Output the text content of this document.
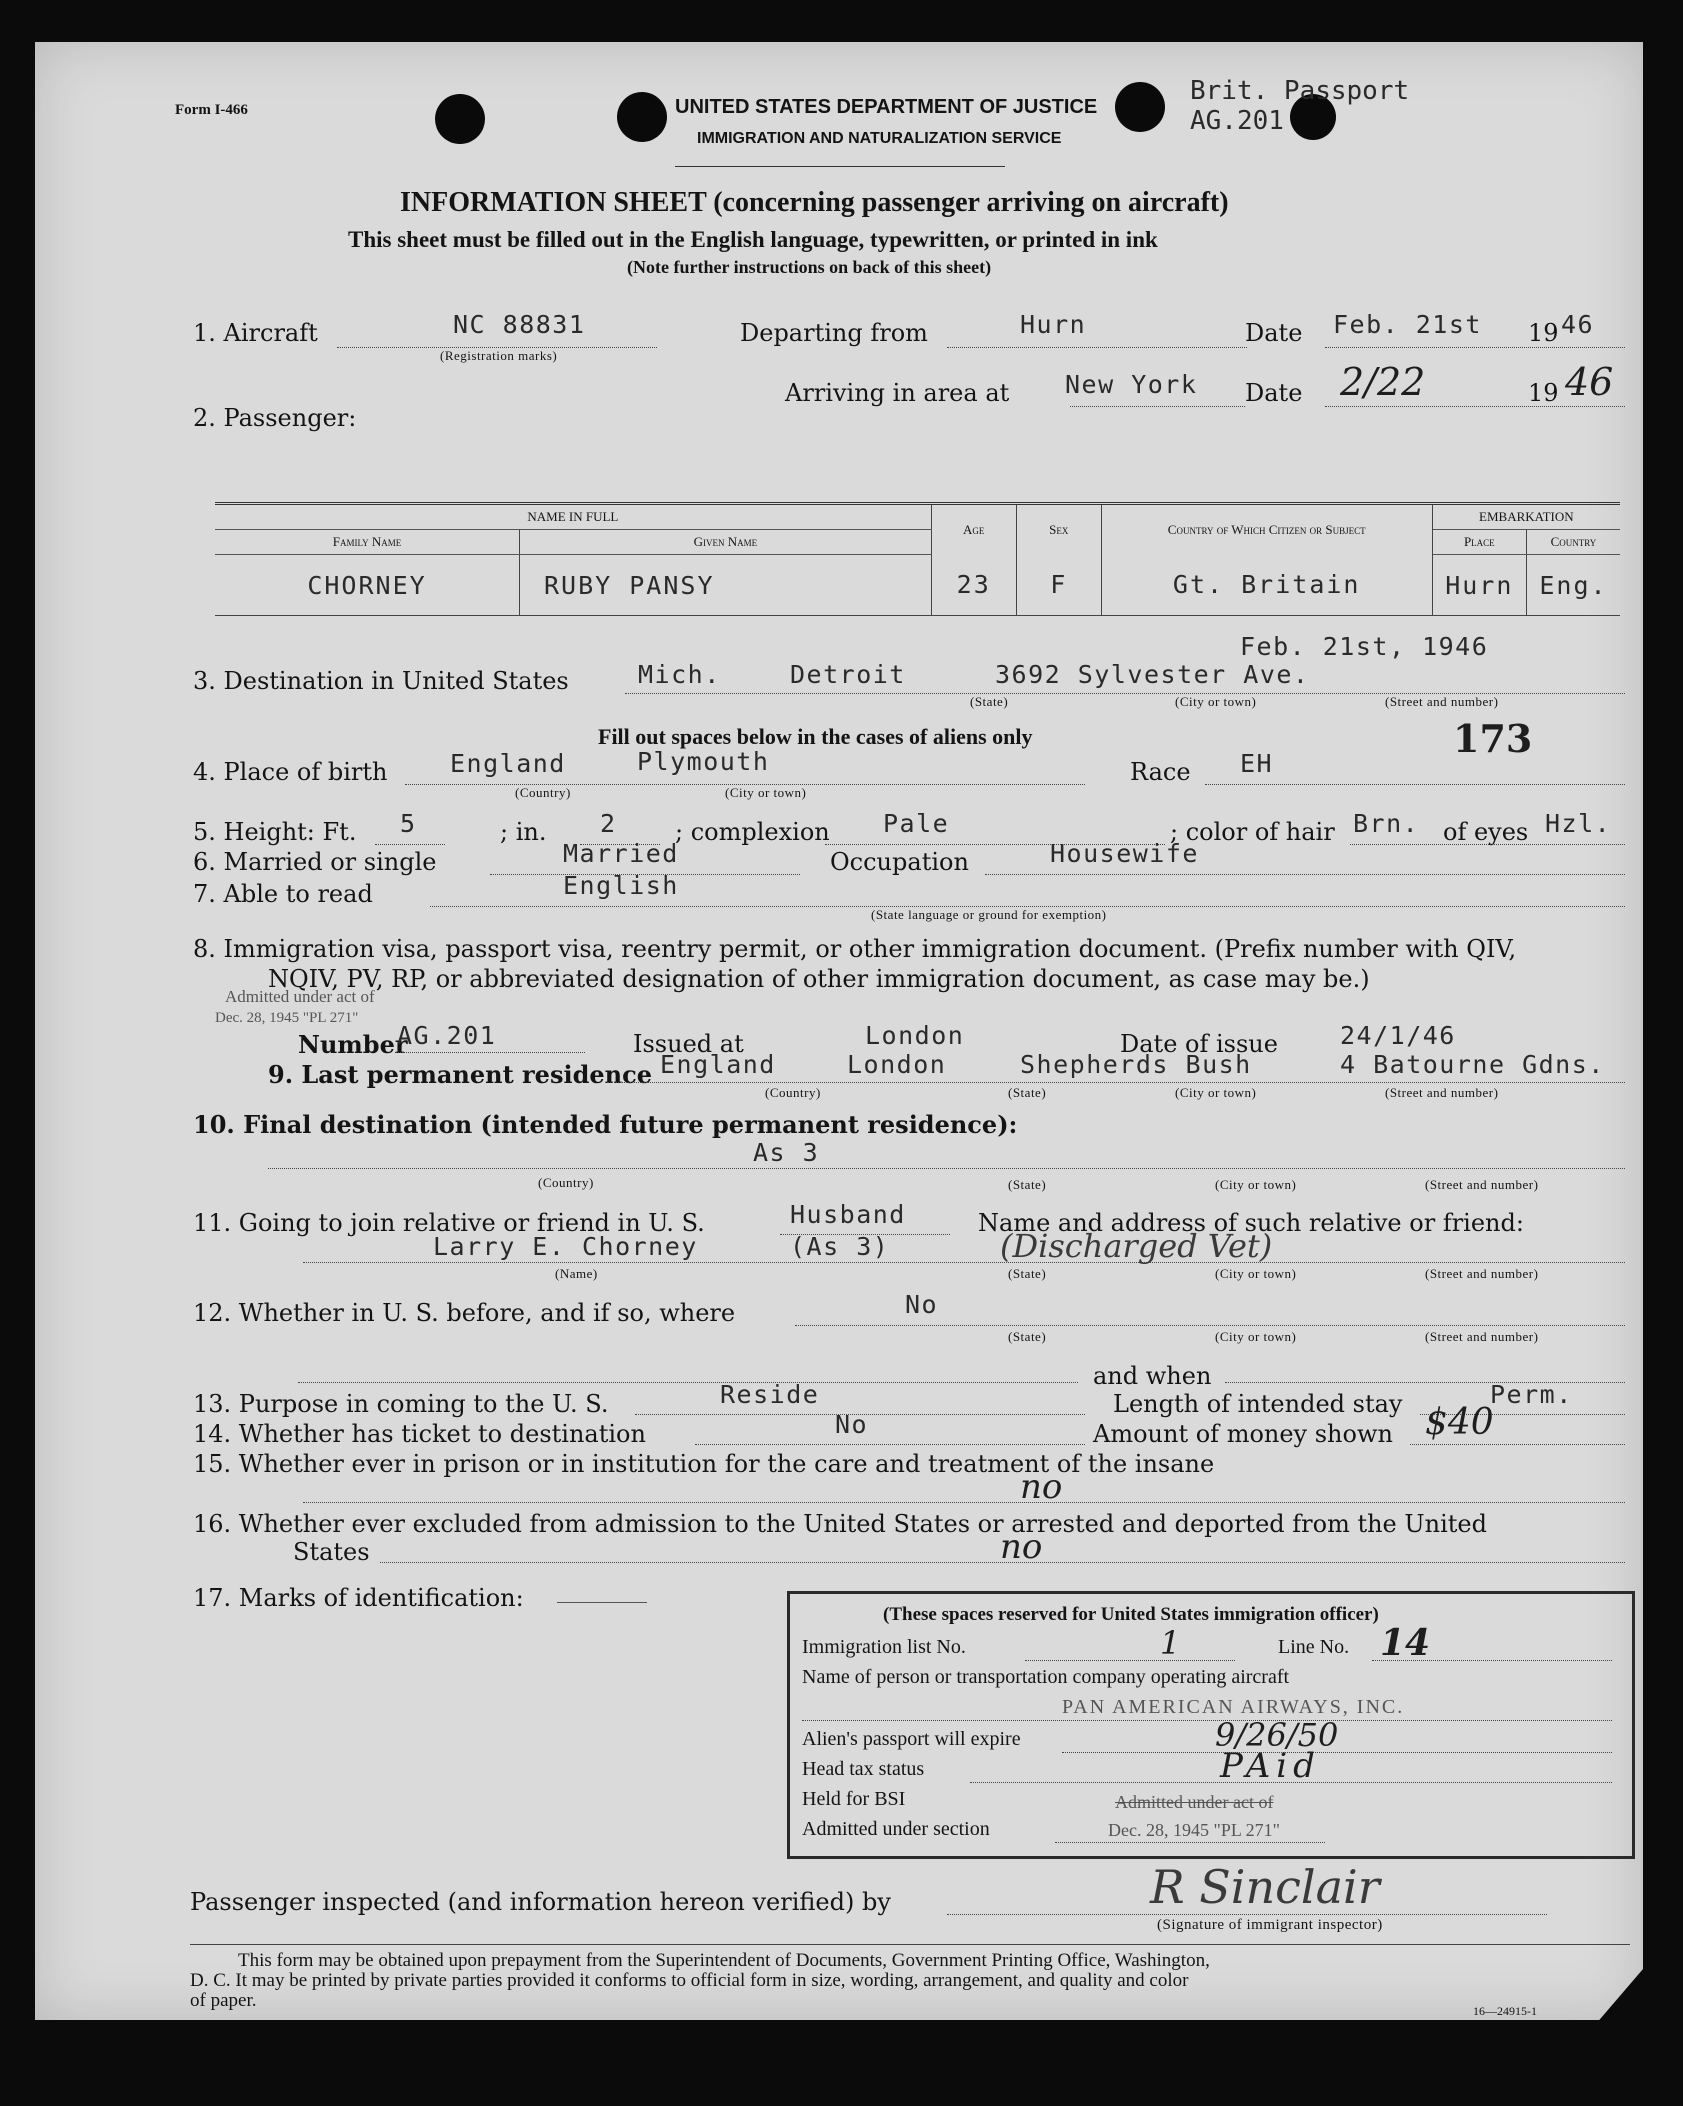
Form I-466	UNITED STATES DEPARTMENT OF JUSTICE
IMMIGRATION AND NATURALIZATION SERVICE
Brit. Passport
AG.201
INFORMATION SHEET (concerning passenger arriving on aircraft)
This sheet must be filled out in the English language, typewritten, or printed in ink
(Note further instructions on back of this sheet)
1. Aircraft	NC 88831
(Registration marks)
Departing from	Hurn	Date Feb. 21st 19 46
Arriving in area at New York Date 2/22	19 46
2. Passenger:
NAME IN FULL		Age	Sex	Country of Which Citizen or Subject	EMBARKATION	
Family Name	Given Name				Place	Country
CHORNEY	RUBY PANSY	23	F	Gt. Britain	Hurn	Eng.
Feb. 21st, 1946
3. Destination in United States	Mich.	Detroit	3692 Sylvester Ave.
(State)	(City or town)	(Street and number)
Fill out spaces below in the cases of aliens only	173
4. Place of birth England	Plymouth
(Country)	(City or town)
Race EH
5. Height: Ft. 5	; in. 2 ; complexion Pale	; color of hair Brn. of eyes Hzl.
6. Married or single	Married	Occupation	Housewife
7. Able to read	English
(State language or ground for exemption)
8. Immigration visa, passport visa, reentry permit, or other immigration document. (Prefix number with QIV,
NQIV, PV, RP, or abbreviated designation of other immigration document, as case may be.)
Admitted under act of
Dec. 28, 1945 "PL 271"
Number
AG.201	Issued at	London	Date of issue 24/1/46
9. Last permanent residence England	London	Shepherds Bush	4 Batourne Gdns.
(Country)	(State)	(City or town)	(Street and number)
10. Final destination (intended future permanent residence):
As 3
(Country)	(State)	(City or town)	(Street and number)
11. Going to join relative or friend in U. S.	Husband	Name and address of such relative or friend:
Larry E. Chorney	(As 3)	(Discharged Vet)
(Name)	(State)	(City or town)	(Street and number)
12. Whether in U. S. before, and if so, where	No
(State)	(City or town)	(Street and number)
and when
13. Purpose in coming to the U. S.	Reside	Length of intended stay	Perm.
14. Whether has ticket to destination	No	Amount of money shown $40
15. Whether ever in prison or in institution for the care and treatment of the insane
no
16. Whether ever excluded from admission to the United States or arrested and deported from the United
States	no
17. Marks of identification:
(These spaces reserved for United States immigration officer)
Immigration list No.	1	Line No. 14
Name of person or transportation company operating aircraft
PAN AMERICAN AIRWAYS, INC.
Alien's passport will expire	9/26/50
Head tax status	PAid
Held for BSI	Admitted under act of
Admitted under section	Dec. 28, 1945 "PL 271"
Passenger inspected (and information hereon verified) by	R Sinclair
(Signature of immigrant inspector)
This form may be obtained upon prepayment from the Superintendent of Documents, Government Printing Office, Washington,
D. C. It may be printed by private parties provided it conforms to official form in size, wording, arrangement, and quality and color
of paper.	16—24915-1
